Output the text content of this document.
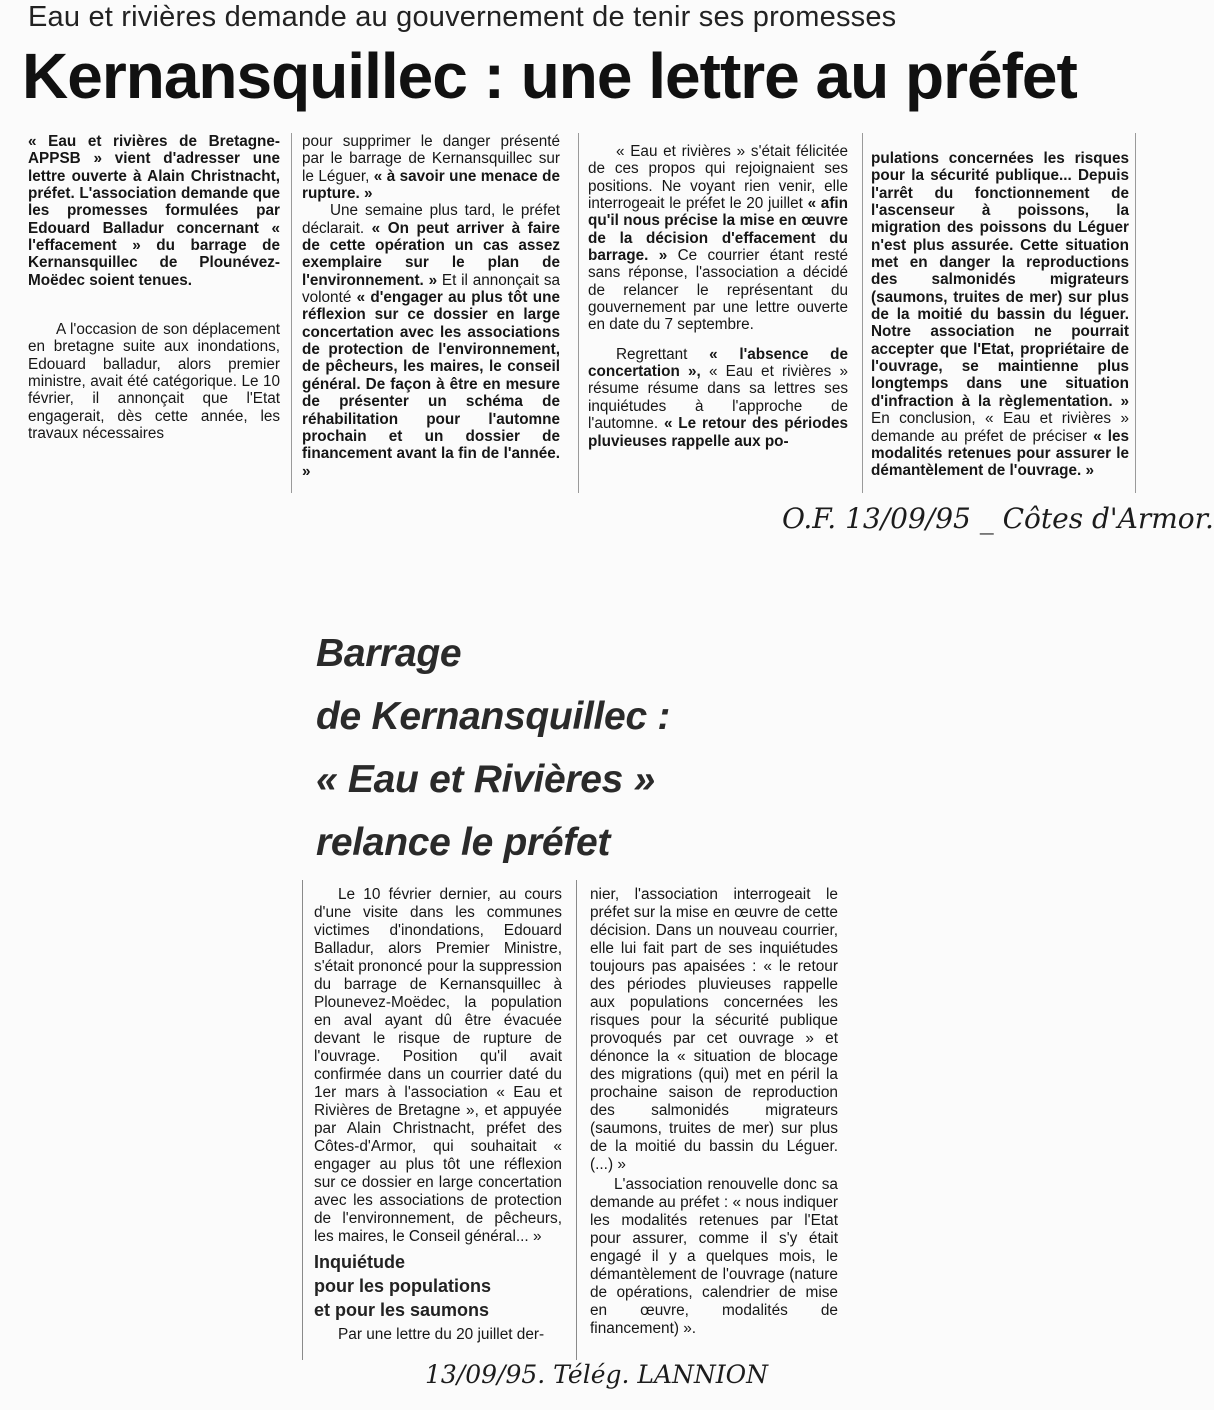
Eau et rivières demande au gouvernement de tenir ses promesses
Kernansquillec : une lettre au préfet

« Eau et rivières de Bretagne-APPSB » vient d'adresser une lettre ouverte à Alain Christnacht, préfet. L'association demande que les promesses formulées par Edouard Balladur concernant « l'effacement » du barrage de Kernansquillec de Plounévez-Moëdec soient tenues.

A l'occasion de son déplacement en bretagne suite aux inondations, Edouard balladur, alors premier ministre, avait été catégorique. Le 10 février, il annonçait que l'Etat engagerait, dès cette année, les travaux nécessaires

pour supprimer le danger présenté par le barrage de Kernansquillec sur le Léguer, « à savoir une menace de rupture. »

Une semaine plus tard, le préfet déclarait. « On peut arriver à faire de cette opération un cas assez exemplaire sur le plan de l'environnement. » Et il annonçait sa volonté « d'engager au plus tôt une réflexion sur ce dossier en large concertation avec les associations de protection de l'environnement, de pêcheurs, les maires, le conseil général. De façon à être en mesure de présenter un schéma de réhabilitation pour l'automne prochain et un dossier de financement avant la fin de l'année. »

« Eau et rivières » s'était félicitée de ces propos qui rejoignaient ses positions. Ne voyant rien venir, elle interrogeait le préfet le 20 juillet « afin qu'il nous précise la mise en œuvre de la décision d'effacement du barrage. » Ce courrier étant resté sans réponse, l'association a décidé de relancer le représentant du gouvernement par une lettre ouverte en date du 7 septembre.

Regrettant « l'absence de concertation », « Eau et rivières » résume résume dans sa lettres ses inquiétudes à l'approche de l'automne. « Le retour des périodes pluvieuses rappelle aux po-

pulations concernées les risques pour la sécurité publique... Depuis l'arrêt du fonctionnement de l'ascenseur à poissons, la migration des poissons du Léguer n'est plus assurée. Cette situation met en danger la reproductions des salmonidés migrateurs (saumons, truites de mer) sur plus de la moitié du bassin du léguer. Notre association ne pourrait accepter que l'Etat, propriétaire de l'ouvrage, se maintienne plus longtemps dans une situation d'infraction à la règlementation. » En conclusion, « Eau et rivières » demande au préfet de préciser « les modalités retenues pour assurer le démantèlement de l'ouvrage. »

O.F. 13/09/95 _ Côtes d'Armor.
Barrage
de Kernansquillec :
« Eau et Rivières »
relance le préfet

Le 10 février dernier, au cours d'une visite dans les communes victimes d'inondations, Edouard Balladur, alors Premier Ministre, s'était prononcé pour la suppression du barrage de Kernansquillec à Plounevez-Moëdec, la population en aval ayant dû être évacuée devant le risque de rupture de l'ouvrage. Position qu'il avait confirmée dans un courrier daté du 1er mars à l'association « Eau et Rivières de Bretagne », et appuyée par Alain Christnacht, préfet des Côtes-d'Armor, qui souhaitait « engager au plus tôt une réflexion sur ce dossier en large concertation avec les associations de protection de l'environnement, de pêcheurs, les maires, le Conseil général... »

Inquiétude
pour les populations
et pour les saumons

Par une lettre du 20 juillet der-

nier, l'association interrogeait le préfet sur la mise en œuvre de cette décision. Dans un nouveau courrier, elle lui fait part de ses inquiétudes toujours pas apaisées : « le retour des périodes pluvieuses rappelle aux populations concernées les risques pour la sécurité publique provoqués par cet ouvrage » et dénonce la « situation de blocage des migrations (qui) met en péril la prochaine saison de reproduction des salmonidés migrateurs (saumons, truites de mer) sur plus de la moitié du bassin du Léguer. (...) »

L'association renouvelle donc sa demande au préfet : « nous indiquer les modalités retenues par l'Etat pour assurer, comme il s'y était engagé il y a quelques mois, le démantèlement de l'ouvrage (nature de opérations, calendrier de mise en œuvre, modalités de financement) ».

13/09/95. Télég. LANNION
